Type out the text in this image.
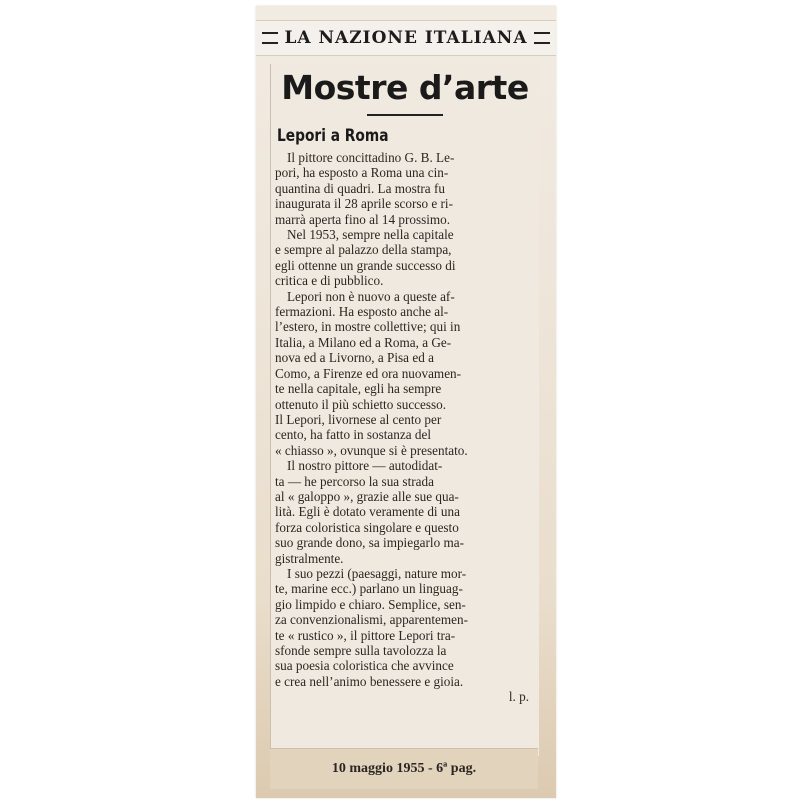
LA NAZIONE ITALIANA
Mostre d’arte
Lepori a Roma

Il pittore concittadino G. B. Le-
pori, ha esposto a Roma una cin-
quantina di quadri. La mostra fu
inaugurata il 28 aprile scorso e ri-
marrà aperta fino al 14 prossimo.

Nel 1953, sempre nella capitale
e sempre al palazzo della stampa,
egli ottenne un grande successo di
critica e di pubblico.

Lepori non è nuovo a queste af-
fermazioni. Ha esposto anche al-
l’estero, in mostre collettive; qui in
Italia, a Milano ed a Roma, a Ge-
nova ed a Livorno, a Pisa ed a
Como, a Firenze ed ora nuovamen-
te nella capitale, egli ha sempre
ottenuto il più schietto successo.
Il Lepori, livornese al cento per
cento, ha fatto in sostanza del
« chiasso », ovunque si è presentato.

Il nostro pittore — autodidat-
ta — he percorso la sua strada
al « galoppo », grazie alle sue qua-
lità. Egli è dotato veramente di una
forza coloristica singolare e questo
suo grande dono, sa impiegarlo ma-
gistralmente.

I suo pezzi (paesaggi, nature mor-
te, marine ecc.) parlano un linguag-
gio limpido e chiaro. Semplice, sen-
za convenzionalismi, apparentemen-
te « rustico », il pittore Lepori tra-
sfonde sempre sulla tavolozza la
sua poesia coloristica che avvince
e crea nell’animo benessere e gioia.

l. p.
10 maggio 1955 - 6ª pag.
